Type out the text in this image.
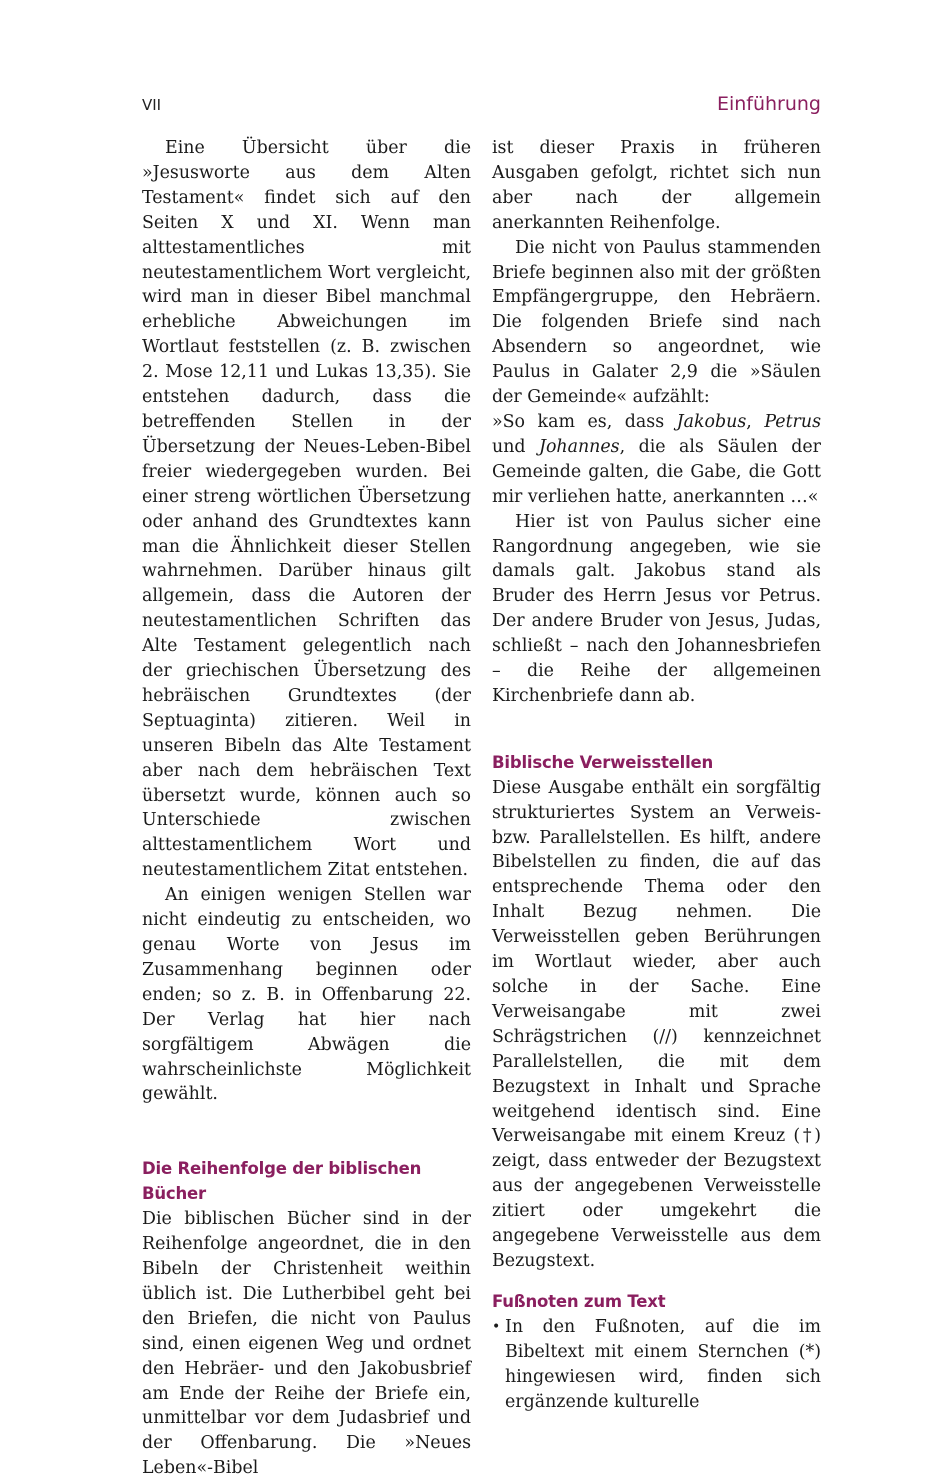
VII	Einführung

Eine Übersicht über die »Jesusworte aus dem Alten Testament« findet sich auf den Seiten X und XI. Wenn man alttestamentliches mit neutestamentlichem Wort vergleicht, wird man in dieser Bibel manchmal erhebliche Abweichungen im Wortlaut feststellen (z. B. zwischen 2. Mose 12,11 und Lukas 13,35). Sie entstehen dadurch, dass die betreffenden Stellen in der Übersetzung der Neues-Leben-Bibel freier wiedergegeben wurden. Bei einer streng wörtlichen Übersetzung oder anhand des Grundtextes kann man die Ähnlichkeit dieser Stellen wahrnehmen. Darüber hinaus gilt allgemein, dass die Autoren der neutestamentlichen Schriften das Alte Testament gelegentlich nach der griechischen Übersetzung des hebräischen Grundtextes (der Septuaginta) zitieren. Weil in unseren Bibeln das Alte Testament aber nach dem hebräischen Text übersetzt wurde, können auch so Unterschiede zwischen alttestamentlichem Wort und neutestamentlichem Zitat entstehen.

An einigen wenigen Stellen war nicht eindeutig zu entscheiden, wo genau Worte von Jesus im Zusammenhang beginnen oder enden; so z. B. in Offenbarung 22. Der Verlag hat hier nach sorgfältigem Abwägen die wahrscheinlichste Möglichkeit gewählt.

Die Reihenfolge der biblischen Bücher

Die biblischen Bücher sind in der Reihenfolge angeordnet, die in den Bibeln der Christenheit weithin üblich ist. Die Lutherbibel geht bei den Briefen, die nicht von Paulus sind, einen eigenen Weg und ordnet den Hebräer- und den Jakobusbrief am Ende der Reihe der Briefe ein, unmittelbar vor dem Judasbrief und der Offenbarung. Die »Neues Leben«-Bibel

ist dieser Praxis in früheren Ausgaben gefolgt, richtet sich nun aber nach der allgemein anerkannten Reihenfolge.

Die nicht von Paulus stammenden Briefe beginnen also mit der größten Empfängergruppe, den Hebräern. Die folgenden Briefe sind nach Absendern so angeordnet, wie Paulus in Galater 2,9 die »Säulen der Gemeinde« aufzählt:

»So kam es, dass Jakobus, Petrus und Johannes, die als Säulen der Gemeinde galten, die Gabe, die Gott mir verliehen hatte, anerkannten …«

Hier ist von Paulus sicher eine Rangordnung angegeben, wie sie damals galt. Jakobus stand als Bruder des Herrn Jesus vor Petrus. Der andere Bruder von Jesus, Judas, schließt – nach den Johannesbriefen – die Reihe der allgemeinen Kirchenbriefe dann ab.

Biblische Verweisstellen

Diese Ausgabe enthält ein sorgfältig strukturiertes System an Verweis- bzw. Parallelstellen. Es hilft, andere Bibelstellen zu finden, die auf das entsprechende Thema oder den Inhalt Bezug nehmen. Die Verweisstellen geben Berührungen im Wortlaut wieder, aber auch solche in der Sache. Eine Verweisangabe mit zwei Schrägstrichen (//) kennzeichnet Parallelstellen, die mit dem Bezugstext in Inhalt und Sprache weitgehend identisch sind. Eine Verweisangabe mit einem Kreuz (†) zeigt, dass entweder der Bezugstext aus der angegebenen Verweisstelle zitiert oder umgekehrt die angegebene Verweisstelle aus dem Bezugstext.

Fußnoten zum Text
• In den Fußnoten, auf die im Bibeltext mit einem Sternchen (*) hingewiesen wird, finden sich ergänzende kulturelle
